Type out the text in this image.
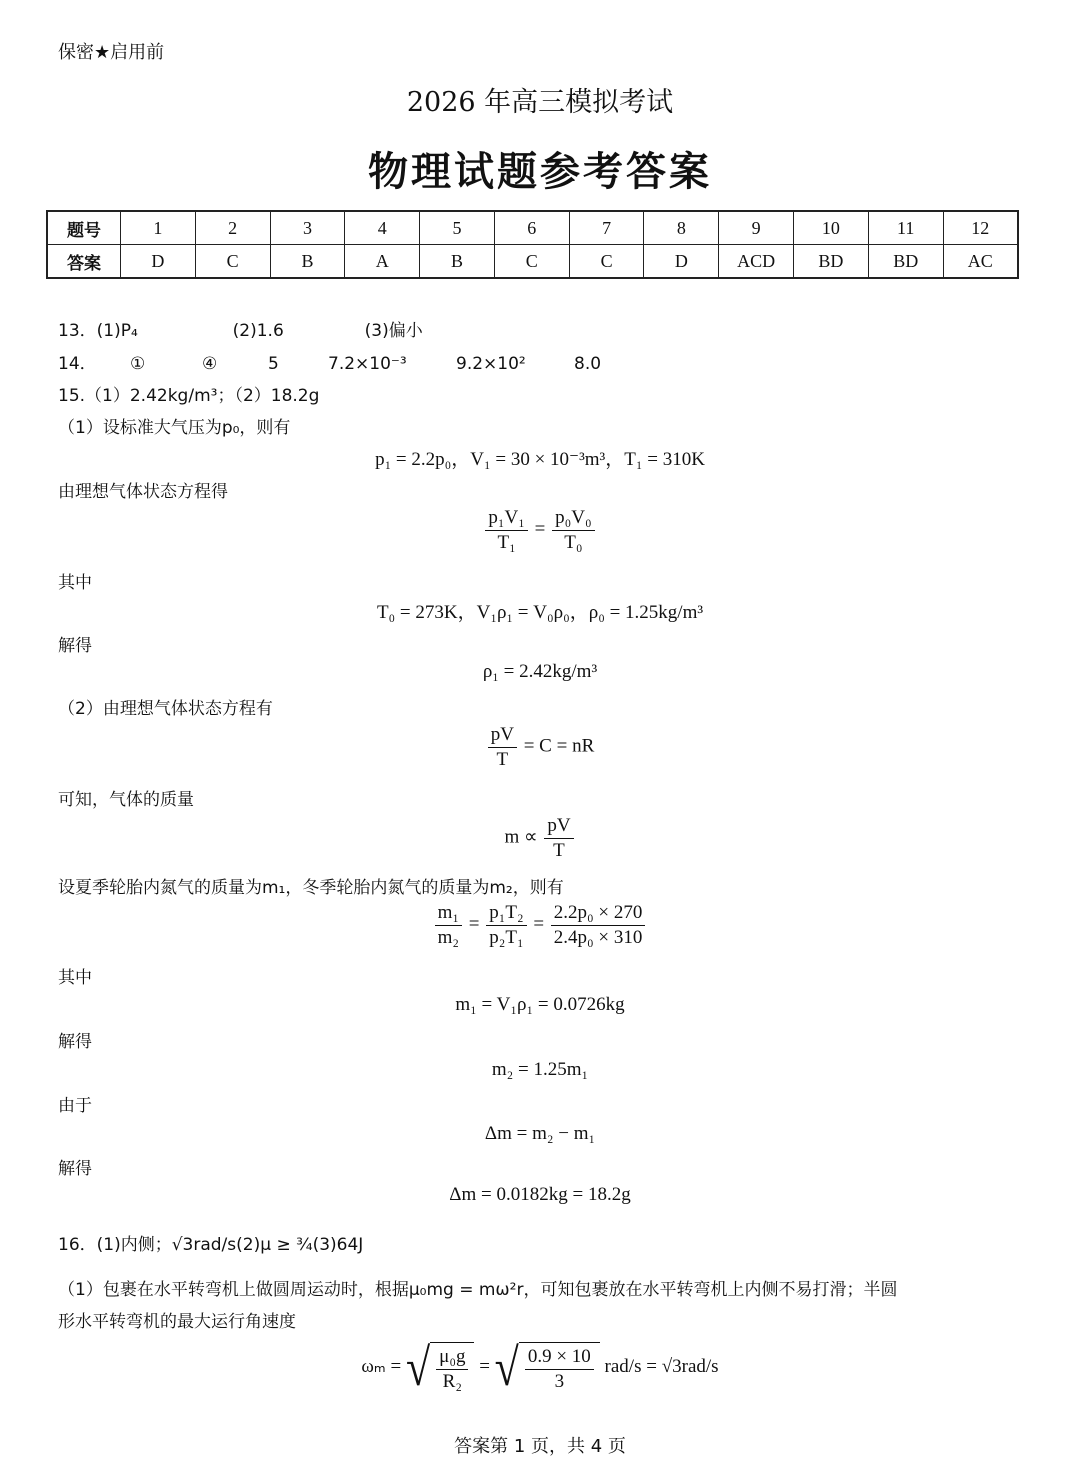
保密★启用前
2026 年高三模拟考试
物理试题参考答案
题号	1	2	3	4	5	6	7	8	9	10	11	12
答案	D	C	B	A	B	C	C	D	ACD	BD	BD	AC
13．(1)P₄	(2)1.6	(3)偏小
14． ①	④	5	7.2×10⁻³	9.2×10²	8.0
15.（1）2.42kg/m³；（2）18.2g
（1）设标准大气压为p₀，则有
p₁ = 2.2p₀，V₁ = 30 × 10⁻³m³，T₁ = 310K
由理想气体状态方程得
$\frac{\text{p₁V₁}}{\text{T₁}} = \frac{\text{p₀V₀}}{\text{T₀}}$
其中
T₀ = 273K，V₁ρ₁ = V₀ρ₀，ρ₀ = 1.25kg/m³
解得
ρ₁ = 2.42kg/m³
（2）由理想气体状态方程有
$\frac{pV}{T} = C$ = nR
可知，气体的质量
$m \propto \frac{pV}{T}$
设夏季轮胎内氮气的质量为m₁，冬季轮胎内氮气的质量为m₂，则有
$\frac{\text{m₁}}{\text{m₂}} = \frac{\text{p₁T₂}}{\text{p₂T₁}} = \frac{\text{2.2p₀ × 270}}{\text{2.4p₀ × 310}}$
其中
m₁ = V₁ρ₁ = 0.0726kg
解得
m₂ = 1.25m₁
由于
Δm = m₂ − m₁
解得
Δm = 0.0182kg = 18.2g
16．(1)内侧；√3rad/s(2)μ ≥ ¾(3)64J
（1）包裹在水平转弯机上做圆周运动时，根据μ₀mg = mω²r，可知包裹放在水平转弯机上内侧不易打滑；半圆
形水平转弯机的最大运行角速度
ωₘ = √ $\frac{\text{μ₀g}}{\text{R₂}}$ = √ $\frac{0.9 \times 10}{3} rad/s = √3rad/s$
答案第 1 页，共 4 页
